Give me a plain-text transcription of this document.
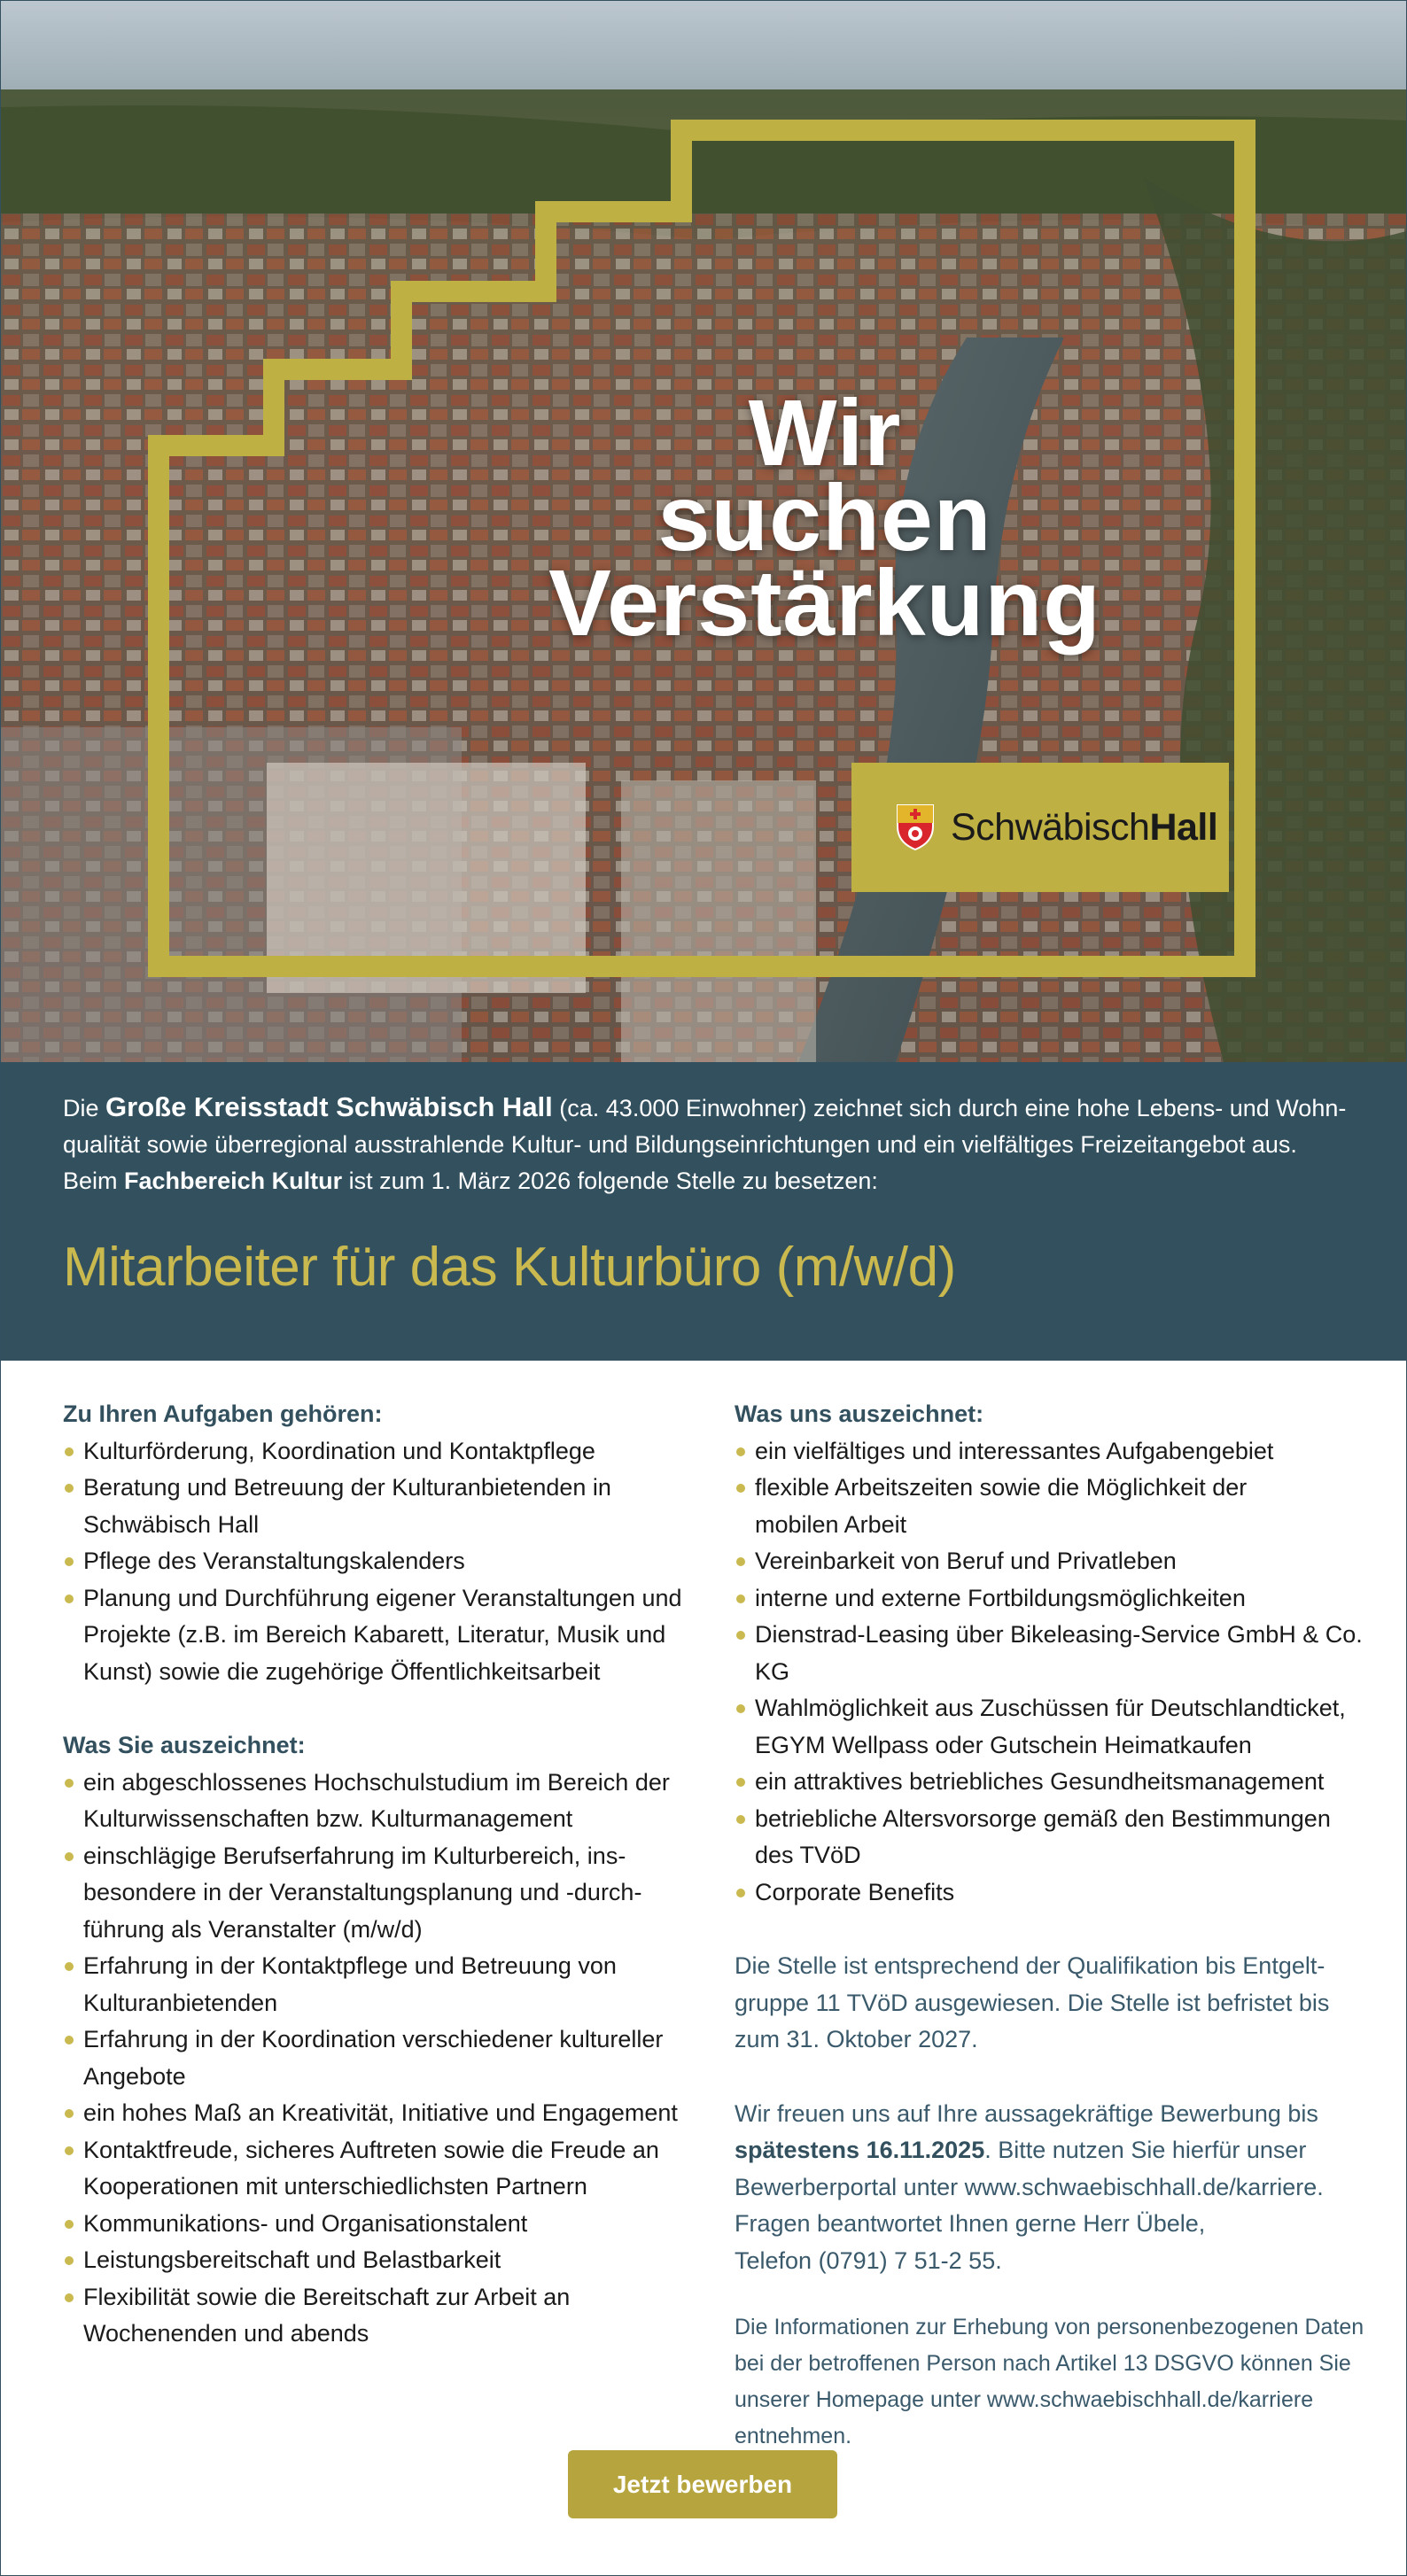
Wir
suchen
Verstärkung
SchwäbischHall
Die Große Kreisstadt Schwäbisch Hall (ca. 43.000 Einwohner) zeichnet sich durch eine hohe Lebens- und Wohn-
qualität sowie überregional ausstrahlende Kultur- und Bildungseinrichtungen und ein vielfältiges Freizeitangebot aus.
Beim Fachbereich Kultur ist zum 1. März 2026 folgende Stelle zu besetzen:
Mitarbeiter für das Kulturbüro (m/w/d)
Zu Ihren Aufgaben gehören:
Kulturförderung, Koordination und Kontaktpflege
Beratung und Betreuung der Kulturanbietenden in
Schwäbisch Hall
Pflege des Veranstaltungskalenders
Planung und Durchführung eigener Veranstaltungen und
Projekte (z.B. im Bereich Kabarett, Literatur, Musik und
Kunst) sowie die zugehörige Öffentlichkeitsarbeit
Was Sie auszeichnet:
ein abgeschlossenes Hochschulstudium im Bereich der
Kulturwissenschaften bzw. Kulturmanagement
einschlägige Berufserfahrung im Kulturbereich, ins-
besondere in der Veranstaltungsplanung und -durch-
führung als Veranstalter (m/w/d)
Erfahrung in der Kontaktpflege und Betreuung von
Kulturanbietenden
Erfahrung in der Koordination verschiedener kultureller
Angebote
ein hohes Maß an Kreativität, Initiative und Engagement
Kontaktfreude, sicheres Auftreten sowie die Freude an
Kooperationen mit unterschiedlichsten Partnern
Kommunikations- und Organisationstalent
Leistungsbereitschaft und Belastbarkeit
Flexibilität sowie die Bereitschaft zur Arbeit an
Wochenenden und abends
Was uns auszeichnet:
ein vielfältiges und interessantes Aufgabengebiet
flexible Arbeitszeiten sowie die Möglichkeit der
mobilen Arbeit
Vereinbarkeit von Beruf und Privatleben
interne und externe Fortbildungsmöglichkeiten
Dienstrad-Leasing über Bikeleasing-Service GmbH & Co. KG
Wahlmöglichkeit aus Zuschüssen für Deutschlandticket,
EGYM Wellpass oder Gutschein Heimatkaufen
ein attraktives betriebliches Gesundheitsmanagement
betriebliche Altersvorsorge gemäß den Bestimmungen
des TVöD
Corporate Benefits
Die Stelle ist entsprechend der Qualifikation bis Entgelt-
gruppe 11 TVöD ausgewiesen. Die Stelle ist befristet bis
zum 31. Oktober 2027.
Wir freuen uns auf Ihre aussagekräftige Bewerbung bis
spätestens 16.11.2025. Bitte nutzen Sie hierfür unser
Bewerberportal unter www.schwaebischhall.de/karriere.
Fragen beantwortet Ihnen gerne Herr Übele,
Telefon (0791) 7 51-2 55.
Die Informationen zur Erhebung von personenbezogenen Daten
bei der betroffenen Person nach Artikel 13 DSGVO können Sie
unserer Homepage unter www.schwaebischhall.de/karriere
entnehmen.
Jetzt bewerben
